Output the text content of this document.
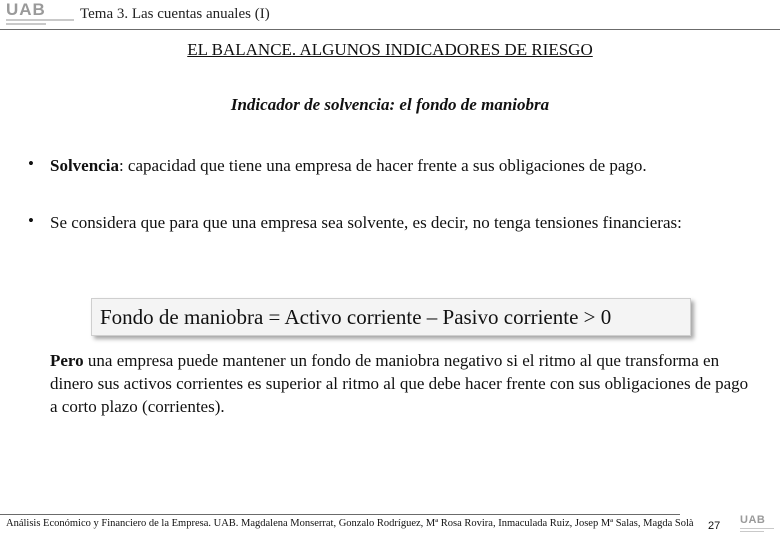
UAB	Tema 3. Las cuentas anuales (I)
EL BALANCE. ALGUNOS INDICADORES DE RIESGO
Indicador de solvencia: el fondo de maniobra
• Solvencia: capacidad que tiene una empresa de hacer frente a sus obligaciones de pago.
• Se considera que para que una empresa sea solvente, es decir, no tenga tensiones financieras:
Fondo de maniobra = Activo corriente – Pasivo corriente > 0
Pero una empresa puede mantener un fondo de maniobra negativo si el ritmo al que transforma en dinero sus activos corrientes es superior al ritmo al que debe hacer frente con sus obligaciones de pago a corto plazo (corrientes).
Análisis Económico y Financiero de la Empresa. UAB. Magdalena Monserrat, Gonzalo Rodríguez, Mª Rosa Rovira, Inmaculada Ruiz, Josep Mª Salas, Magda Solà 27 UAB
